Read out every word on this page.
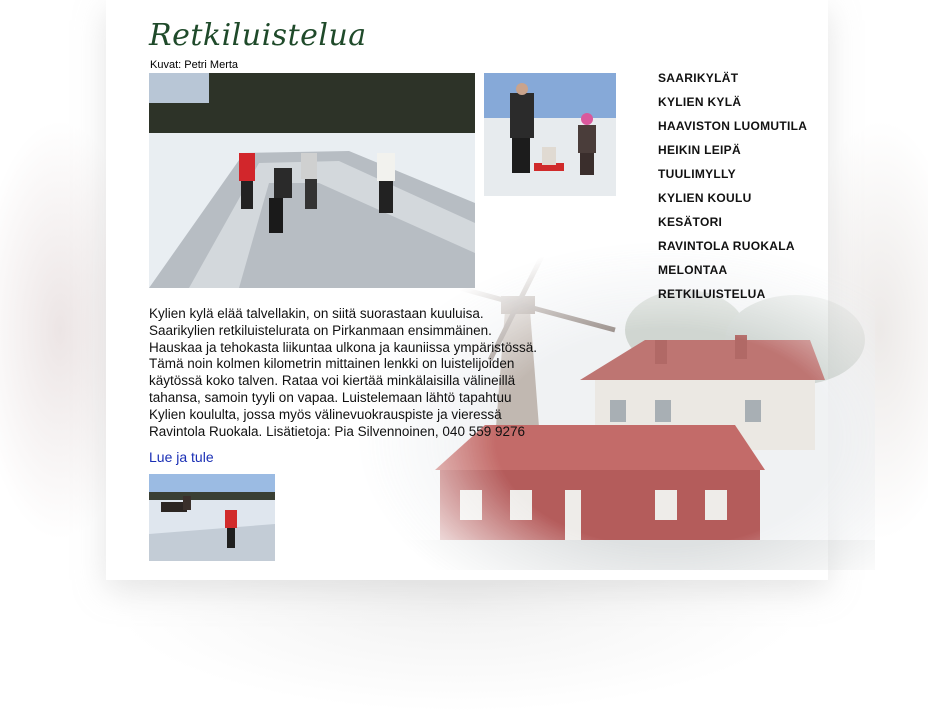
Retkiluistelua
Kuvat: Petri Merta
SAARIKYLÄT
KYLIEN KYLÄ
HAAVISTON LUOMUTILA
HEIKIN LEIPÄ
TUULIMYLLY
KYLIEN KOULU
KESÄTORI
RAVINTOLA RUOKALA
MELONTAA
RETKILUISTELUA
Kylien kylä elää talvellakin, on siitä suorastaan kuuluisa.
Saarikylien retkiluistelurata on Pirkanmaan ensimmäinen.
Hauskaa ja tehokasta liikuntaa ulkona ja kauniissa ympäristössä.
Tämä noin kolmen kilometrin mittainen lenkki on luistelijoiden
käytössä koko talven. Rataa voi kiertää minkälaisilla välineillä
tahansa, samoin tyyli on vapaa. Luistelemaan lähtö tapahtuu
Kylien koululta, jossa myös välinevuokrauspiste ja vieressä
Ravintola Ruokala. Lisätietoja: Pia Silvennoinen, 040 559 9276
Lue ja tule
